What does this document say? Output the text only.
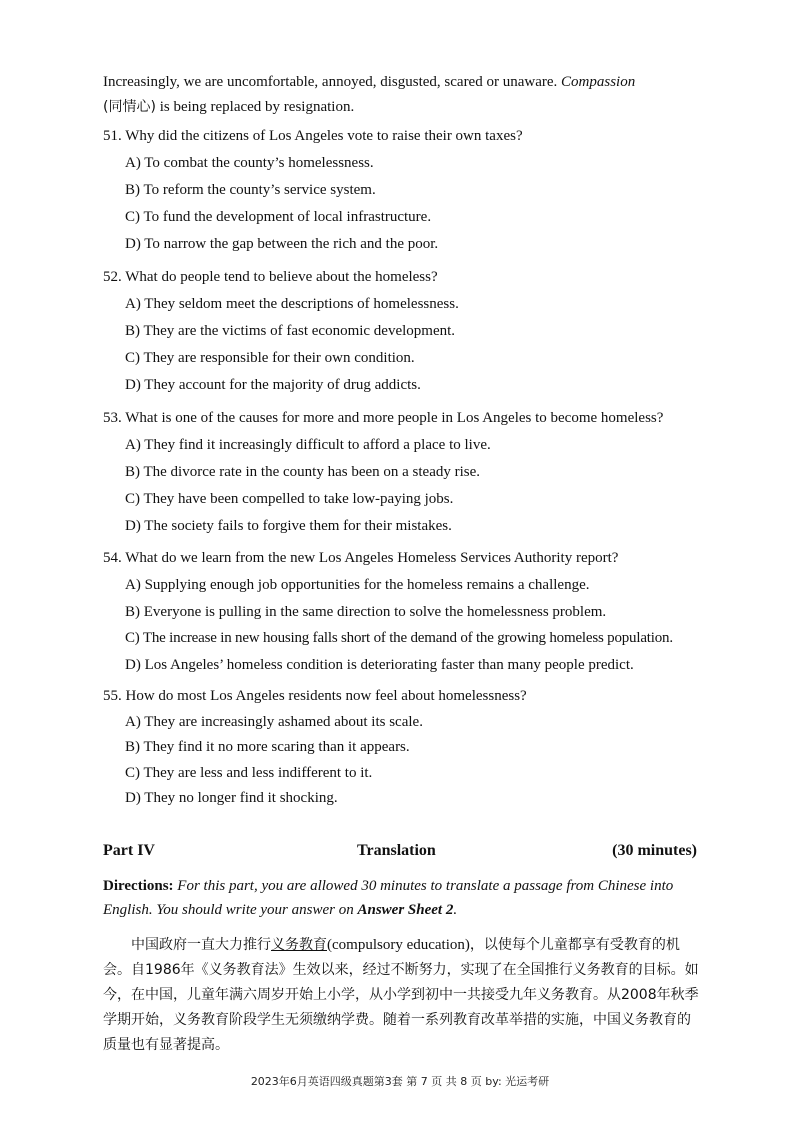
Increasingly, we are uncomfortable, annoyed, disgusted, scared or unaware. Compassion
(同情心) is being replaced by resignation.
51. Why did the citizens of Los Angeles vote to raise their own taxes?
A) To combat the county’s homelessness.
B) To reform the county’s service system.
C) To fund the development of local infrastructure.
D) To narrow the gap between the rich and the poor.
52. What do people tend to believe about the homeless?
A) They seldom meet the descriptions of homelessness.
B) They are the victims of fast economic development.
C) They are responsible for their own condition.
D) They account for the majority of drug addicts.
53. What is one of the causes for more and more people in Los Angeles to become homeless?
A) They find it increasingly difficult to afford a place to live.
B) The divorce rate in the county has been on a steady rise.
C) They have been compelled to take low-paying jobs.
D) The society fails to forgive them for their mistakes.
54. What do we learn from the new Los Angeles Homeless Services Authority report?
A) Supplying enough job opportunities for the homeless remains a challenge.
B) Everyone is pulling in the same direction to solve the homelessness problem.
C) The increase in new housing falls short of the demand of the growing homeless population.
D) Los Angeles’ homeless condition is deteriorating faster than many people predict.
55. How do most Los Angeles residents now feel about homelessness?
A) They are increasingly ashamed about its scale.
B) They find it no more scaring than it appears.
C) They are less and less indifferent to it.
D) They no longer find it shocking.
Part IV	Translation	(30 minutes)
Directions: For this part, you are allowed 30 minutes to translate a passage from Chinese into English. You should write your answer on Answer Sheet 2.
中国政府一直大力推行义务教育(compulsory education)，以使每个儿童都享有受教育的机会。自1986年《义务教育法》生效以来，经过不断努力，实现了在全国推行义务教育的目标。如今，在中国，儿童年满六周岁开始上小学，从小学到初中一共接受九年义务教育。从2008年秋季学期开始，义务教育阶段学生无须缴纳学费。随着一系列教育改革举措的实施，中国义务教育的质量也有显著提高。
2023年6月英语四级真题第3套 第 7 页 共 8 页 by: 光运考研
